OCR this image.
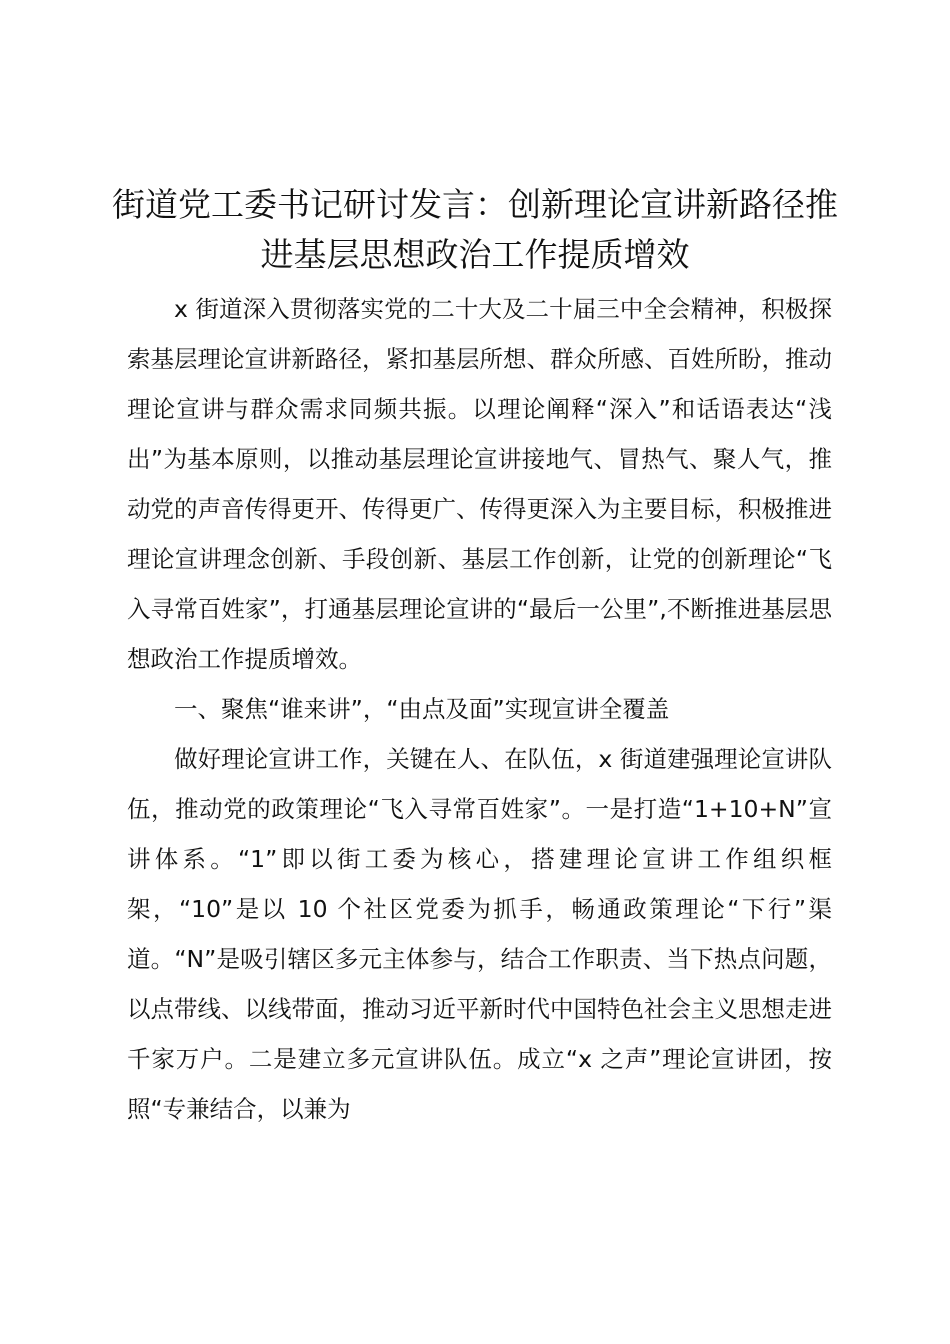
街道党工委书记研讨发言：创新理论宣讲新路径推进基层思想政治工作提质增效

x 街道深入贯彻落实党的二十大及二十届三中全会精神，积极探索基层理论宣讲新路径，紧扣基层所想、群众所感、百姓所盼，推动理论宣讲与群众需求同频共振。以理论阐释“深入”和话语表达“浅出”为基本原则，以推动基层理论宣讲接地气、冒热气、聚人气，推动党的声音传得更开、传得更广、传得更深入为主要目标，积极推进理论宣讲理念创新、手段创新、基层工作创新，让党的创新理论“飞入寻常百姓家”，打通基层理论宣讲的“最后一公里”,不断推进基层思想政治工作提质增效。

一、聚焦“谁来讲”，“由点及面”实现宣讲全覆盖

做好理论宣讲工作，关键在人、在队伍，x 街道建强理论宣讲队伍，推动党的政策理论“飞入寻常百姓家”。一是打造“1+10+N”宣讲体系。“1”即以街工委为核心，搭建理论宣讲工作组织框架，“10”是以 10 个社区党委为抓手，畅通政策理论“下行”渠道。“N”是吸引辖区多元主体参与，结合工作职责、当下热点问题，以点带线、以线带面，推动习近平新时代中国特色社会主义思想走进千家万户。二是建立多元宣讲队伍。成立“x 之声”理论宣讲团，按照“专兼结合，以兼为
